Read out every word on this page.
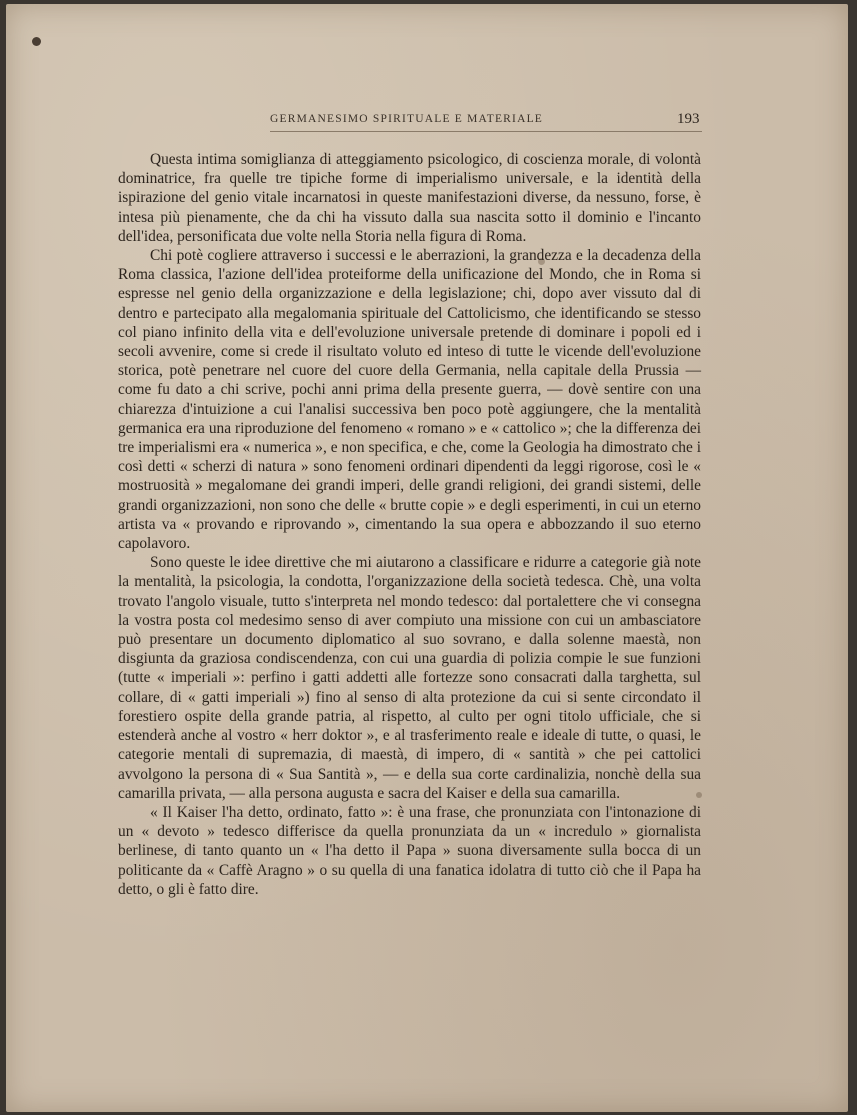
GERMANESIMO SPIRITUALE E MATERIALE	193

Questa intima somiglianza di atteggiamento psicologico, di coscienza morale, di volontà dominatrice, fra quelle tre tipiche forme di imperialismo universale, e la identità della ispirazione del genio vitale incarnatosi in queste manifestazioni diverse, da nessuno, forse, è intesa più pienamente, che da chi ha vissuto dalla sua nascita sotto il dominio e l'incanto dell'idea, personificata due volte nella Storia nella figura di Roma.

Chi potè cogliere attraverso i successi e le aberrazioni, la grandezza e la decadenza della Roma classica, l'azione dell'idea proteiforme della unificazione del Mondo, che in Roma si espresse nel genio della organizzazione e della legislazione; chi, dopo aver vissuto dal di dentro e partecipato alla megalomania spirituale del Cattolicismo, che identificando se stesso col piano infinito della vita e dell'evoluzione universale pretende di dominare i popoli ed i secoli avvenire, come si crede il risultato voluto ed inteso di tutte le vicende dell'evoluzione storica, potè penetrare nel cuore del cuore della Germania, nella capitale della Prussia — come fu dato a chi scrive, pochi anni prima della presente guerra, — dovè sentire con una chiarezza d'intuizione a cui l'analisi successiva ben poco potè aggiungere, che la mentalità germanica era una riproduzione del fenomeno « romano » e « cattolico »; che la differenza dei tre imperialismi era « numerica », e non specifica, e che, come la Geologia ha dimostrato che i così detti « scherzi di natura » sono fenomeni ordinari dipendenti da leggi rigorose, così le « mostruosità » megalomane dei grandi imperi, delle grandi religioni, dei grandi sistemi, delle grandi organizzazioni, non sono che delle « brutte copie » e degli esperimenti, in cui un eterno artista va « provando e riprovando », cimentando la sua opera e abbozzando il suo eterno capolavoro.

Sono queste le idee direttive che mi aiutarono a classificare e ridurre a categorie già note la mentalità, la psicologia, la condotta, l'organizzazione della società tedesca. Chè, una volta trovato l'angolo visuale, tutto s'interpreta nel mondo tedesco: dal portalettere che vi consegna la vostra posta col medesimo senso di aver compiuto una missione con cui un ambasciatore può presentare un documento diplomatico al suo sovrano, e dalla solenne maestà, non disgiunta da graziosa condiscendenza, con cui una guardia di polizia compie le sue funzioni (tutte « imperiali »: perfino i gatti addetti alle fortezze sono consacrati dalla targhetta, sul collare, di « gatti imperiali ») fino al senso di alta protezione da cui si sente circondato il forestiero ospite della grande patria, al rispetto, al culto per ogni titolo ufficiale, che si estenderà anche al vostro « herr doktor », e al trasferimento reale e ideale di tutte, o quasi, le categorie mentali di supremazia, di maestà, di impero, di « santità » che pei cattolici avvolgono la persona di « Sua Santità », — e della sua corte cardinalizia, nonchè della sua camarilla privata, — alla persona augusta e sacra del Kaiser e della sua camarilla.

« Il Kaiser l'ha detto, ordinato, fatto »: è una frase, che pronunziata con l'intonazione di un « devoto » tedesco differisce da quella pronunziata da un « incredulo » giornalista berlinese, di tanto quanto un « l'ha detto il Papa » suona diversamente sulla bocca di un politicante da « Caffè Aragno » o su quella di una fanatica idolatra di tutto ciò che il Papa ha detto, o gli è fatto dire.
